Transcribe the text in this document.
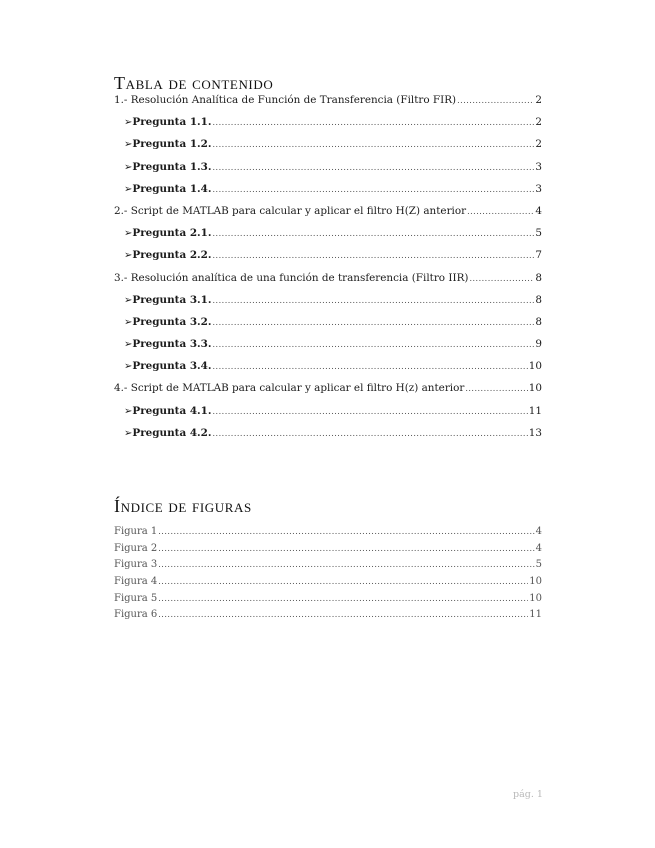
Tabla de contenido
1.- Resolución Analítica de Función de Transferencia (Filtro FIR) .....	2
➢ Pregunta 1.1. .....	2
➢ Pregunta 1.2. .....	2
➢ Pregunta 1.3. .....	3
➢ Pregunta 1.4. .....	3
2.- Script de MATLAB para calcular y aplicar el filtro H(Z) anterior .....	4
➢ Pregunta 2.1. .....	5
➢ Pregunta 2.2. .....	7
3.- Resolución analítica de una función de transferencia (Filtro IIR) .....	8
➢ Pregunta 3.1. .....	8
➢ Pregunta 3.2. .....	8
➢ Pregunta 3.3. .....	9
➢ Pregunta 3.4. .....	10
4.- Script de MATLAB para calcular y aplicar el filtro H(z) anterior .....	10
➢ Pregunta 4.1. .....	11
➢ Pregunta 4.2. .....	13
Índice de figuras
Figura 1 .....	4
Figura 2 .....	4
Figura 3 .....	5
Figura 4 .....	10
Figura 5 .....	10
Figura 6 .....	11
pág. 1
